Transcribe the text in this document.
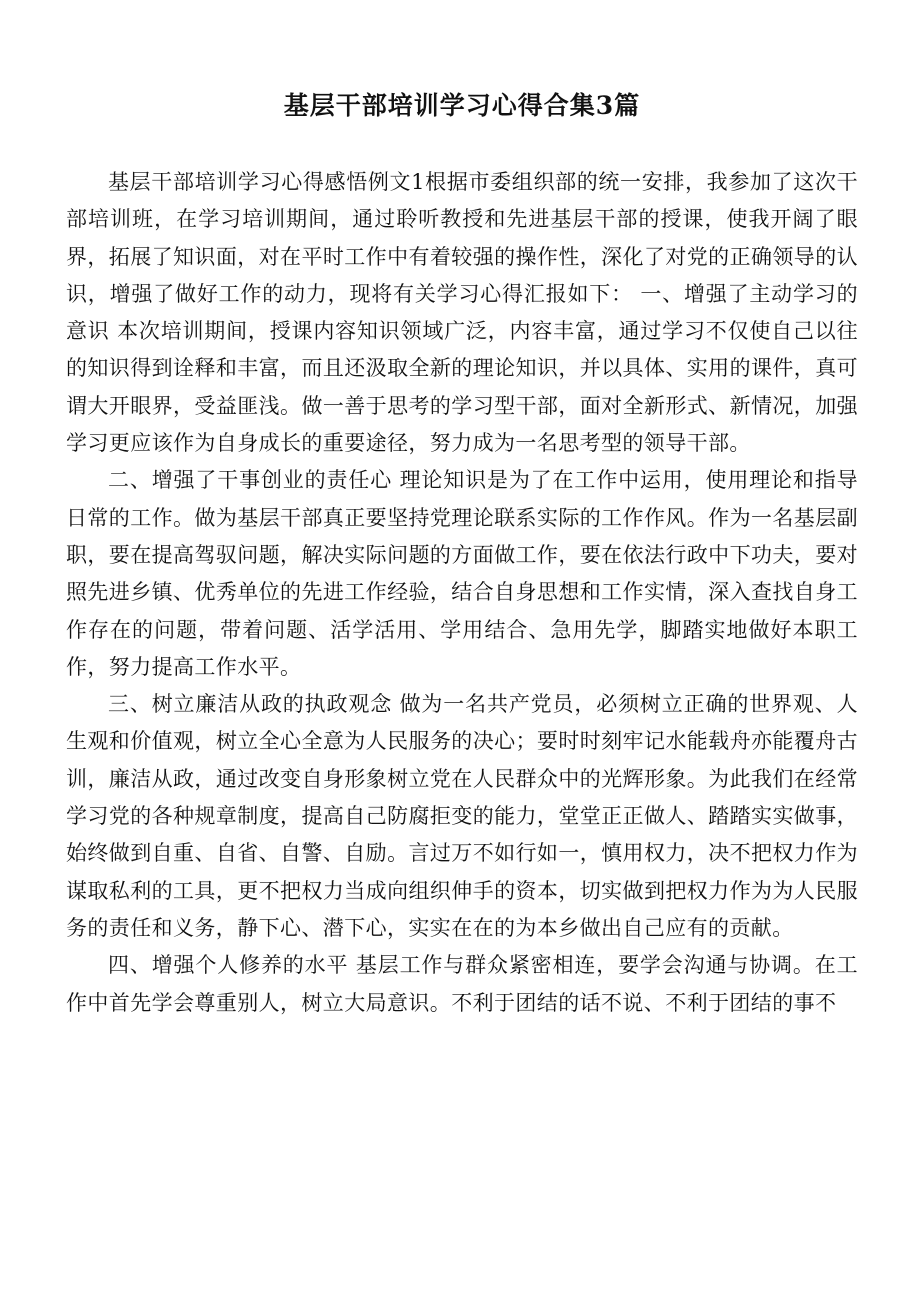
基层干部培训学习心得合集3篇

基层干部培训学习心得感悟例文1根据市委组织部的统一安排，我参加了这次干部培训班，在学习培训期间，通过聆听教授和先进基层干部的授课，使我开阔了眼界，拓展了知识面，对在平时工作中有着较强的操作性，深化了对党的正确领导的认识，增强了做好工作的动力，现将有关学习心得汇报如下： 一、增强了主动学习的意识 本次培训期间，授课内容知识领域广泛，内容丰富，通过学习不仅使自己以往的知识得到诠释和丰富，而且还汲取全新的理论知识，并以具体、实用的课件，真可谓大开眼界，受益匪浅。做一善于思考的学习型干部，面对全新形式、新情况，加强学习更应该作为自身成长的重要途径，努力成为一名思考型的领导干部。

二、增强了干事创业的责任心 理论知识是为了在工作中运用，使用理论和指导日常的工作。做为基层干部真正要坚持党理论联系实际的工作作风。作为一名基层副职，要在提高驾驭问题，解决实际问题的方面做工作，要在依法行政中下功夫，要对照先进乡镇、优秀单位的先进工作经验，结合自身思想和工作实情，深入查找自身工作存在的问题，带着问题、活学活用、学用结合、急用先学，脚踏实地做好本职工作，努力提高工作水平。

三、树立廉洁从政的执政观念 做为一名共产党员，必须树立正确的世界观、人生观和价值观，树立全心全意为人民服务的决心；要时时刻牢记水能载舟亦能覆舟古训，廉洁从政，通过改变自身形象树立党在人民群众中的光辉形象。为此我们在经常学习党的各种规章制度，提高自己防腐拒变的能力，堂堂正正做人、踏踏实实做事，始终做到自重、自省、自警、自励。言过万不如行如一，慎用权力，决不把权力作为谋取私利的工具，更不把权力当成向组织伸手的资本，切实做到把权力作为为人民服务的责任和义务，静下心、潜下心，实实在在的为本乡做出自己应有的贡献。

四、增强个人修养的水平 基层工作与群众紧密相连，要学会沟通与协调。在工作中首先学会尊重别人，树立大局意识。不利于团结的话不说、不利于团结的事不
